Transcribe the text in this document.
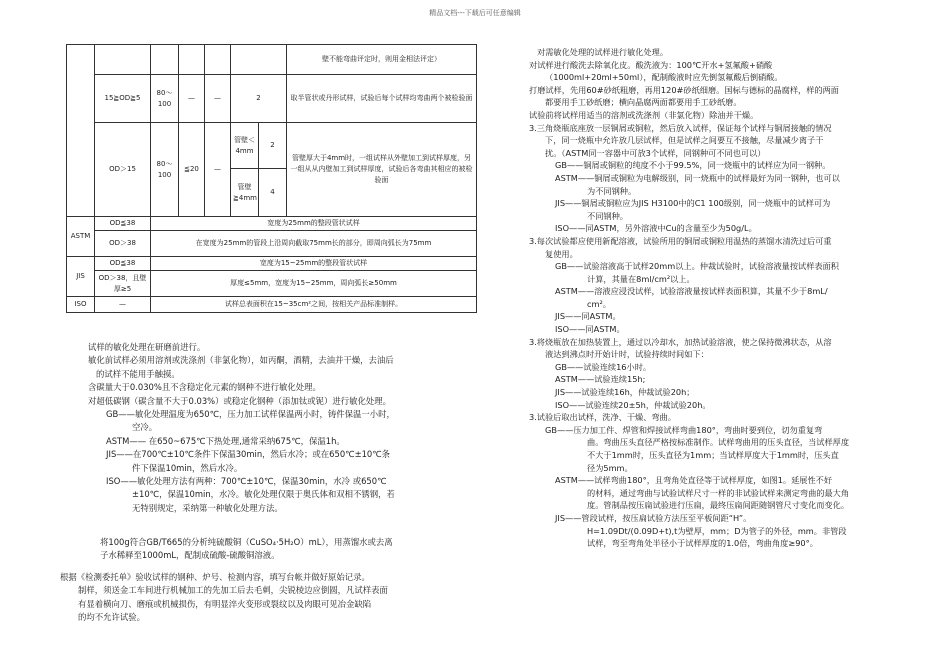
精品文档---下载后可任意编辑
							壁不能弯曲评定时，则用金相法评定）
	15≧OD≧5	80～100	—	—	2		取半管状或丹形试样，试验后每个试样均弯曲两个被检验面
	OD＞15	80～100	≦20	—	管壁＜4mm	2	管壁厚大于4mm时，一组试样从外壁加工到试样厚度，另一组从从内壁加工到试样厚度，试验后各弯曲其相应的被检验面
					管壁≧4mm	4	
ASTM	OD≦38	宽度为25mm的整段管状试样					
	OD＞38	在宽度为25mm的管段上沿周向截取75mm长的部分，即周向弧长为75mm					
JIS	OD≦38	宽度为15~25mm的整段管状试样					
	OD＞38，且壁厚≥5	厚度≤5mm，宽度为15~25mm，周向弧长≥50mm					
ISO	—	试样总表面积在15~35cm²之间，按相关产品标准制样。					
试样的敏化处理在研磨前进行。
敏化前试样必须用溶剂或洗涤剂（非氯化物），如丙酮，酒精，去油并干燥，去油后
的试样不能用手触摸。
含碳量大于0.030%且不含稳定化元素的钢种不进行敏化处理。
对超低碳钢（碳含量不大于0.03%）或稳定化钢种（添加钛或铌）进行敏化处理。
GB——敏化处理温度为650℃，压力加工试样保温两小时，铸件保温一小时，
空冷。
ASTM—— 在650~675℃下热处理,通常采纳675℃，保温1h。
JIS——在700℃±10℃条件下保温30min，然后水冷；或在650℃±10℃条
件下保温10min，然后水冷。
ISO——敏化处理方法有两种：700℃±10℃，保温30min，水冷 或650℃
±10℃，保温10min，水冷。敏化处理仅限于奥氏体和双相不锈钢，若
无特别规定，采纳第一种敏化处理方法。
将100g符合GB/T665的分析纯硫酸铜（CuSO₄·5H₂O）mL），用蒸馏水或去离
子水稀释至1000mL，配制成硫酸-硫酸铜溶液。
根据《检测委托单》验收试样的钢种、炉号、检测内容，填写台帐并做好原始记录。
制样，须送金工车间进行机械加工的先加工后去毛刺，尖锐棱边应倒圆，凡试样表面
有显着横向刀、磨痕或机械损伤，有明显淬火变形或裂纹以及肉眼可见冶金缺陷
的均不允许试验。
对需敏化处理的试样进行敏化处理。
对试样进行酸洗去除氧化皮。酸洗液为：100℃开水+氢氟酸+硝酸
（1000ml+20ml+50ml），配制酸液时应先倒氢氟酸后倒硝酸。
打磨试样，先用60#砂纸粗磨，再用120#砂纸细磨。国标与德标的晶腐样，样的两面
都要用手工砂纸磨；横向晶腐两面都要用手工砂纸磨。
试验前将试样用适当的溶剂或洗涤剂（非氯化物）除油并干燥。
3.三角烧瓶底座放一层铜屑或铜粒，然后放入试样，保证每个试样与铜屑接触的情况
下，同一烧瓶中允许放几层试样，但是试样之间要互不接触，尽量减少离子干
扰。（ASTM同一容器中可放3个试样，同钢种可不同也可以）
GB——铜屑或铜粒的纯度不小于99.5%，同一烧瓶中的试样应为同一钢种。
ASTM——铜屑或铜粒为电解级别，同一烧瓶中的试样最好为同一钢种，也可以
为不同钢种。
JIS——铜屑或铜粒应为JIS H3100中的C1 100级别，同一烧瓶中的试样可为
不同钢种。
ISO——同ASTM，另外溶液中Cu的含量至少为50g/L。
3.每次试验都应使用新配溶液，试验所用的铜屑或铜粒用温热的蒸馏水清洗过后可重
复使用。
GB——试验溶液高于试样20mm以上。仲裁试验时，试验溶液量按试样表面积
计算，其量在8ml/cm²以上。
ASTM——溶液应浸没试样，试验溶液量按试样表面积算，其量不少于8mL/
cm²。
JIS——同ASTM。
ISO——同ASTM。
3.将烧瓶放在加热装置上，通过以冷却水，加热试验溶液，使之保持微沸状态，从溶
液达到沸点时开始计时，试验持续时间如下：
GB——试验连续16小时。
ASTM——试验连续15h;
JIS——试验连续16h，仲裁试验20h；
ISO——试验连续20±5h，仲裁试验20h。
3.试验后取出试样，洗净、干燥、弯曲。
GB——压力加工件、焊管和焊接试样弯曲180°，弯曲时要到位，切勿重复弯
曲。弯曲压头直径严格按标准制作。试样弯曲用的压头直径，当试样厚度
不大于1mm时，压头直径为1mm；当试样厚度大于1mm时，压头直
径为5mm。
ASTM——试样弯曲180°，且弯角处直径等于试样厚度，如图1。延展性不好
的材料，通过弯曲与试验试样尺寸一样的非试验试样来测定弯曲的最大角
度。管制品按压扁试验进行压扁，最终压扁间距随钢管尺寸变化而变化。
JIS——管段试样，按压扁试验方法压至平板间距“H”。
H=1.09Dt/(0.09D+t),t为壁厚，mm；D为管子的外径，mm。非管段
试样，弯至弯角处半径小于试样厚度的1.0倍，弯曲角度≥90°。
